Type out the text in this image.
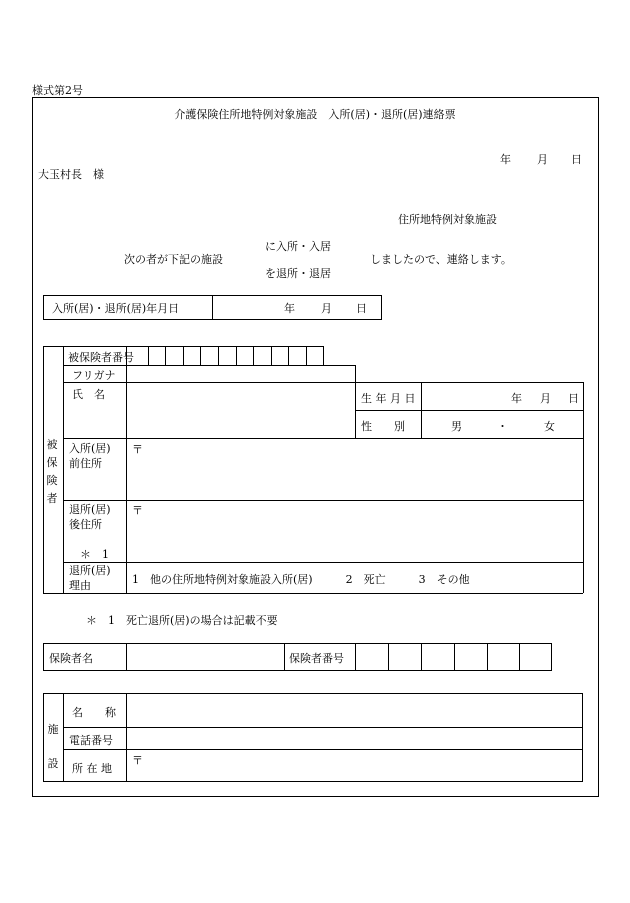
様式第2号
介護保険住所地特例対象施設　入所(居)・退所(居)連絡票
年 月 日
大玉村長　様
住所地特例対象施設
次の者が下記の施設
に入所・入居
を退所・退居
しましたので、連絡します。
入所(居)・退所(居)年月日	年 月 日
被保険者
被保険者番号
フリガナ
氏　名	生 年 月 日	年 月 日
性　　別	男	・	女
入所(居)
前住所
〒
退所(居)
後住所
＊　1
〒
退所(居)
理由	1　他の住所地特例対象施設入所(居)　　　2　死亡　　　3　その他
＊　1　死亡退所(居)の場合は記載不要
保険者名	保険者番号
施設
名　　称
電話番号
所 在 地
〒
